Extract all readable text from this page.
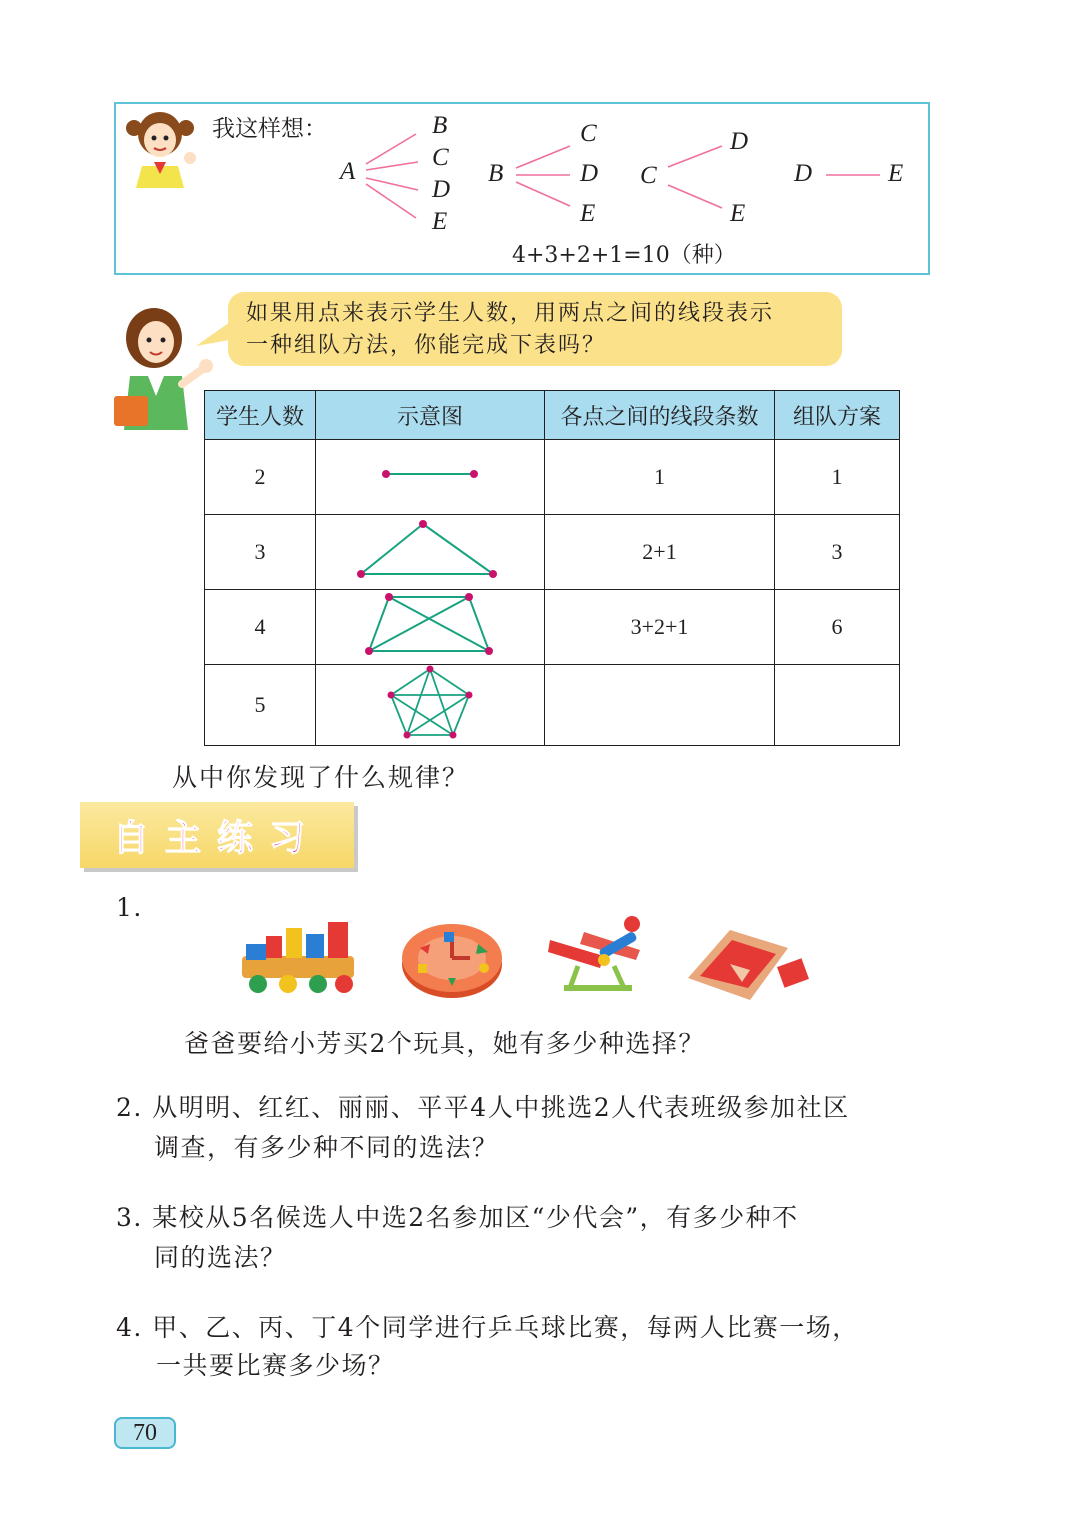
我这样想：
A
B
C
D
E
B
C
D
E
C
D
E
D	E
4+3+2+1=10（种）
如果用点来表示学生人数，用两点之间的线段表示
一种组队方法，你能完成下表吗？
学生人数	示意图	各点之间的线段条数	组队方案
2		1	1
3		2+1	3
4		3+2+1	6
5			
从中你发现了什么规律？
自主练习
1.
爸爸要给小芳买2个玩具，她有多少种选择？
2. 从明明、红红、丽丽、平平4人中挑选2人代表班级参加社区
调查，有多少种不同的选法？
3. 某校从5名候选人中选2名参加区“少代会”，有多少种不
同的选法？
4. 甲、乙、丙、丁4个同学进行乒乓球比赛，每两人比赛一场，
一共要比赛多少场？
70
